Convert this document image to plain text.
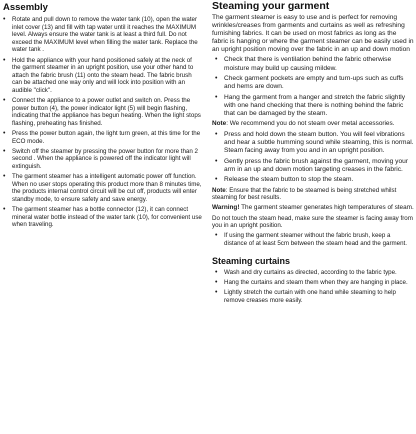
Assembly
• Rotate and pull down to remove the water tank (10), open the water inlet cover (13) and fill with tap water until it reaches the MAXIMUM level. Always ensure the water tank is at least a third full. Do not exceed the MAXIMUM level when filling the water tank. Replace the water tank .
• Hold the appliance with your hand positioned safely at the neck of the garment steamer in an upright position, use your other hand to attach the fabric brush (11) onto the steam head. The fabric brush can be attached one way only and will lock into position with an audible "click".
• Connect the appliance to a power outlet and switch on. Press the power button (4), the power indicator light (5) will begin flashing, indicating that the appliance has begun heating. When the light stops flashing, preheating has finished.
• Press the power button again, the light turn green, at this time for the ECO mode.
• Switch off the steamer by pressing the power button for more than 2 second . When the appliance is powered off the indicator light will extinguish.
• The garment steamer has a intelligent automatic power off function. When no user stops operating this product more than 8 minutes time, the products internal control circuit will be cut off, products will enter standby mode, to ensure safety and save energy.
• The garment steamer has a bottle connector (12), it can connect mineral water bottle instead of the water tank (10), for convenient use when traveling.
Steaming your garment

The garment steamer is easy to use and is perfect for removing wrinkles/creases from garments and curtains as well as refreshing furnishing fabrics. It can be used on most fabrics as long as the fabric is hanging or where the garment steamer can be easily used in an upright position moving over the fabric in an up and down motion

• Check that there is ventilation behind the fabric otherwise moisture may build up causing mildew.
• Check garment pockets are empty and turn-ups such as cuffs and hems are down.
• Hang the garment from a hanger and stretch the fabric slightly with one hand checking that there is nothing behind the fabric that can be damaged by the steam.

Note: We recommend you do not steam over metal accessories.

• Press and hold down the steam button. You will feel vibrations and hear a subtle humming sound while steaming, this is normal. Steam facing away from you and in an upright position.
• Gently press the fabric brush against the garment, moving your arm in an up and down motion targeting creases in the fabric.
• Release the steam button to stop the steam.

Note: Ensure that the fabric to be steamed is being stretched whilst steaming for best results.

Warning! The garment steamer generates high temperatures of steam.

Do not touch the steam head, make sure the steamer is facing away from you in an upright position.

• If using the garment steamer without the fabric brush, keep a distance of at least 5cm between the steam head and the garment.
Steaming curtains
• Wash and dry curtains as directed, according to the fabric type.
• Hang the curtains and steam them when they are hanging in place.
• Lightly stretch the curtain with one hand while steaming to help remove creases more easily.
